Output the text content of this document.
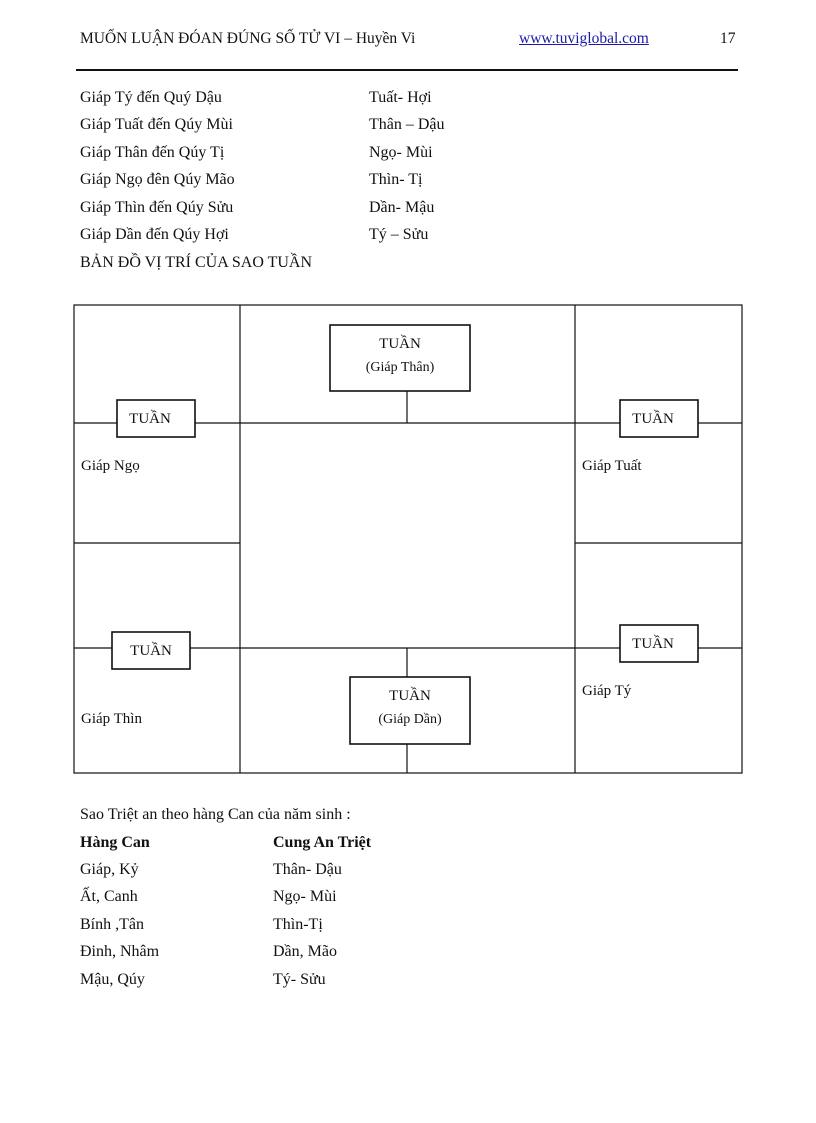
MUỐN LUẬN ĐÓAN ĐÚNG SỐ TỬ VI – Huyền Vi	www.tuviglobal.com	17
Giáp Tý đến Quý Dậu	Tuất- Hợi
Giáp Tuất đến Qúy Mùi	Thân – Dậu
Giáp Thân đến Qúy Tị	Ngọ- Mùi
Giáp Ngọ đên Qúy Mão	Thìn- Tị
Giáp Thìn đến Qúy Sửu	Dần- Mậu
Giáp Dần đến Qúy Hợi	Tý – Sửu
BẢN ĐỒ VỊ TRÍ CỦA SAO TUẦN
TUẦN
(Giáp Thân)
TUẦN	TUẦN
TUẦN	TUẦN
TUẦN
(Giáp Dần)
Giáp Ngọ	Giáp Tuất
Giáp Thìn
Giáp Tý
Sao Triệt an theo hàng Can của năm sinh :
Hàng Can	Cung An Triệt
Giáp, Kỷ	Thân- Dậu
Ất, Canh	Ngọ- Mùi
Bính ,Tân	Thìn-Tị
Đinh, Nhâm	Dần, Mão
Mậu, Qúy	Tý- Sửu
